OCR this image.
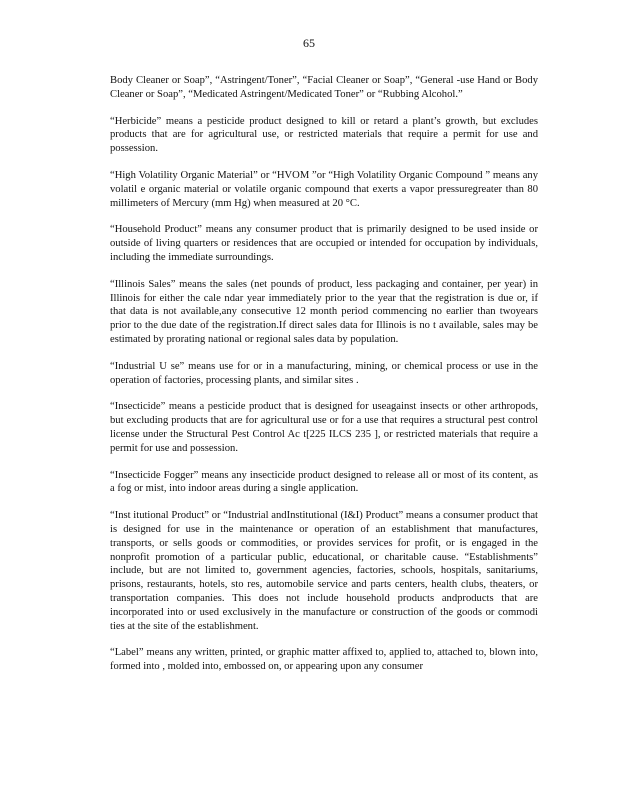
65

Body Cleaner or Soap”, “Astringent/Toner”, “Facial Cleaner or Soap”, “General -use Hand or Body Cleaner or Soap”, “Medicated Astringent/Medicated Toner” or “Rubbing Alcohol.”

“Herbicide” means a pesticide product designed to kill or retard a plant’s growth, but excludes products that are for agricultural use, or restricted materials that require a permit for use and possession.

“High Volatility Organic Material” or “HVOM ”or “High Volatility Organic Compound ” means any volatil e organic material or volatile organic compound that exerts a vapor pressuregreater than 80 millimeters of Mercury (mm Hg) when measured at 20 °C.

“Household Product” means any consumer product that is primarily designed to be used inside or outside of living quarters or residences that are occupied or intended for occupation by individuals, including the immediate surroundings.

“Illinois Sales” means the sales (net pounds of product, less packaging and container, per year) in Illinois for either the cale ndar year immediately prior to the year that the registration is due or, if that data is not available,any consecutive 12 month period commencing no earlier than twoyears prior to the due date of the registration.If direct sales data for Illinois is no t available, sales may be estimated by prorating national or regional sales data by population.

“Industrial U se” means use for or in a manufacturing, mining, or chemical process or use in the operation of factories, processing plants, and similar sites .

“Insecticide” means a pesticide product that is designed for useagainst insects or other arthropods, but excluding products that are for agricultural use or for a use that requires a structural pest control license under the Structural Pest Control Ac t[225 ILCS 235 ], or restricted materials that require a permit for use and possession.

“Insecticide Fogger” means any insecticide product designed to release all or most of its content, as a fog or mist, into indoor areas during a single application.

“Inst itutional Product” or “Industrial andInstitutional (I&I) Product” means a consumer product that is designed for use in the maintenance or operation of an establishment that manufactures, transports, or sells goods or commodities, or provides services for profit, or is engaged in the nonprofit promotion of a particular public, educational, or charitable cause. “Establishments” include, but are not limited to, government agencies, factories, schools, hospitals, sanitariums, prisons, restaurants, hotels, sto res, automobile service and parts centers, health clubs, theaters, or transportation companies. This does not include household products andproducts that are incorporated into or used exclusively in the manufacture or construction of the goods or commodi ties at the site of the establishment.

“Label” means any written, printed, or graphic matter affixed to, applied to, attached to, blown into, formed into , molded into, embossed on, or appearing upon any consumer
